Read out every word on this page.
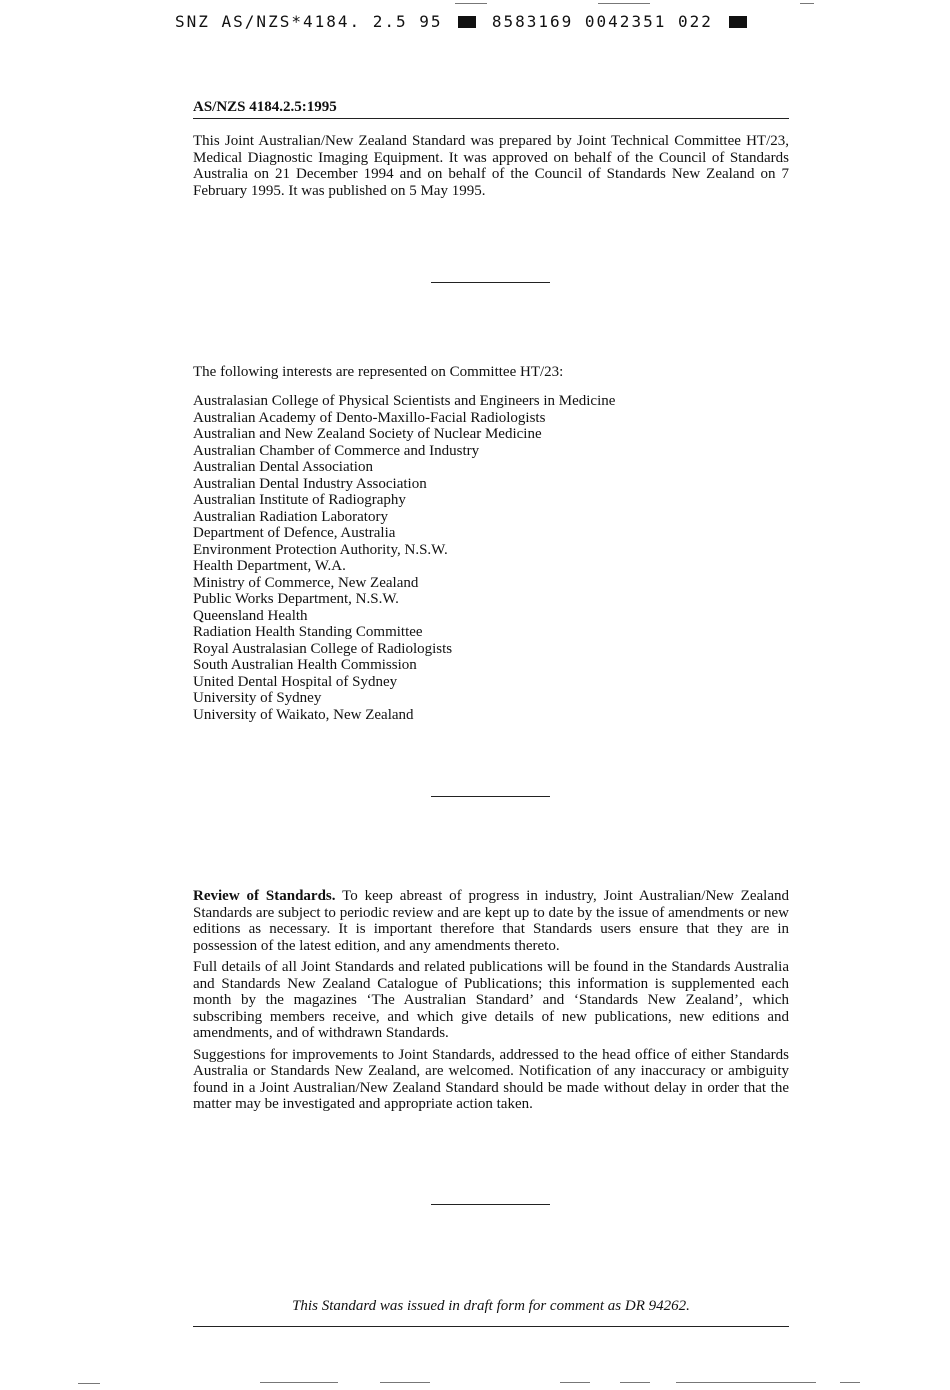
SNZ AS/NZS*4184. 2.5 95	8583169 0042351 022
AS/NZS 4184.2.5:1995
This Joint Australian/New Zealand Standard was prepared by Joint Technical Committee HT/23, Medical Diagnostic Imaging Equipment. It was approved on behalf of the Council of Standards Australia on 21 December 1994 and on behalf of the Council of Standards New Zealand on 7 February 1995. It was published on 5 May 1995.
The following interests are represented on Committee HT/23:
Australasian College of Physical Scientists and Engineers in Medicine
Australian Academy of Dento-Maxillo-Facial Radiologists
Australian and New Zealand Society of Nuclear Medicine
Australian Chamber of Commerce and Industry
Australian Dental Association
Australian Dental Industry Association
Australian Institute of Radiography
Australian Radiation Laboratory
Department of Defence, Australia
Environment Protection Authority, N.S.W.
Health Department, W.A.
Ministry of Commerce, New Zealand
Public Works Department, N.S.W.
Queensland Health
Radiation Health Standing Committee
Royal Australasian College of Radiologists
South Australian Health Commission
United Dental Hospital of Sydney
University of Sydney
University of Waikato, New Zealand

Review of Standards. To keep abreast of progress in industry, Joint Australian/New Zealand Standards are subject to periodic review and are kept up to date by the issue of amendments or new editions as necessary. It is important therefore that Standards users ensure that they are in possession of the latest edition, and any amendments thereto.

Full details of all Joint Standards and related publications will be found in the Standards Australia and Standards New Zealand Catalogue of Publications; this information is supplemented each month by the magazines ‘The Australian Standard’ and ‘Standards New Zealand’, which subscribing members receive, and which give details of new publications, new editions and amendments, and of withdrawn Standards.

Suggestions for improvements to Joint Standards, addressed to the head office of either Standards Australia or Standards New Zealand, are welcomed. Notification of any inaccuracy or ambiguity found in a Joint Australian/New Zealand Standard should be made without delay in order that the matter may be investigated and appropriate action taken.

This Standard was issued in draft form for comment as DR 94262.
